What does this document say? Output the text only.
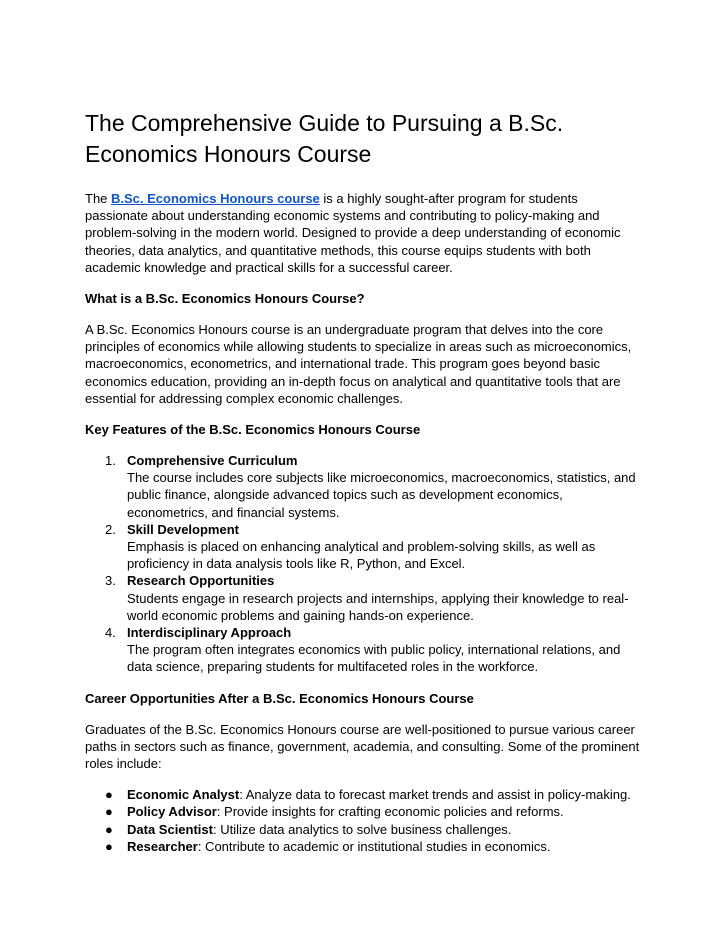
The Comprehensive Guide to Pursuing a B.Sc. Economics Honours Course

The B.Sc. Economics Honours course is a highly sought-after program for students passionate about understanding economic systems and contributing to policy-making and problem-solving in the modern world. Designed to provide a deep understanding of economic theories, data analytics, and quantitative methods, this course equips students with both academic knowledge and practical skills for a successful career.

What is a B.Sc. Economics Honours Course?

A B.Sc. Economics Honours course is an undergraduate program that delves into the core principles of economics while allowing students to specialize in areas such as microeconomics, macroeconomics, econometrics, and international trade. This program goes beyond basic economics education, providing an in-depth focus on analytical and quantitative tools that are essential for addressing complex economic challenges.

Key Features of the B.Sc. Economics Honours Course
1. Comprehensive Curriculum
The course includes core subjects like microeconomics, macroeconomics, statistics, and public finance, alongside advanced topics such as development economics, econometrics, and financial systems.
2. Skill Development
Emphasis is placed on enhancing analytical and problem-solving skills, as well as proficiency in data analysis tools like R, Python, and Excel.
3. Research Opportunities
Students engage in research projects and internships, applying their knowledge to real-world economic problems and gaining hands-on experience.
4. Interdisciplinary Approach
The program often integrates economics with public policy, international relations, and data science, preparing students for multifaceted roles in the workforce.
Career Opportunities After a B.Sc. Economics Honours Course

Graduates of the B.Sc. Economics Honours course are well-positioned to pursue various career paths in sectors such as finance, government, academia, and consulting. Some of the prominent roles include:

● Economic Analyst: Analyze data to forecast market trends and assist in policy-making.
● Policy Advisor: Provide insights for crafting economic policies and reforms.
● Data Scientist: Utilize data analytics to solve business challenges.
● Researcher: Contribute to academic or institutional studies in economics.
